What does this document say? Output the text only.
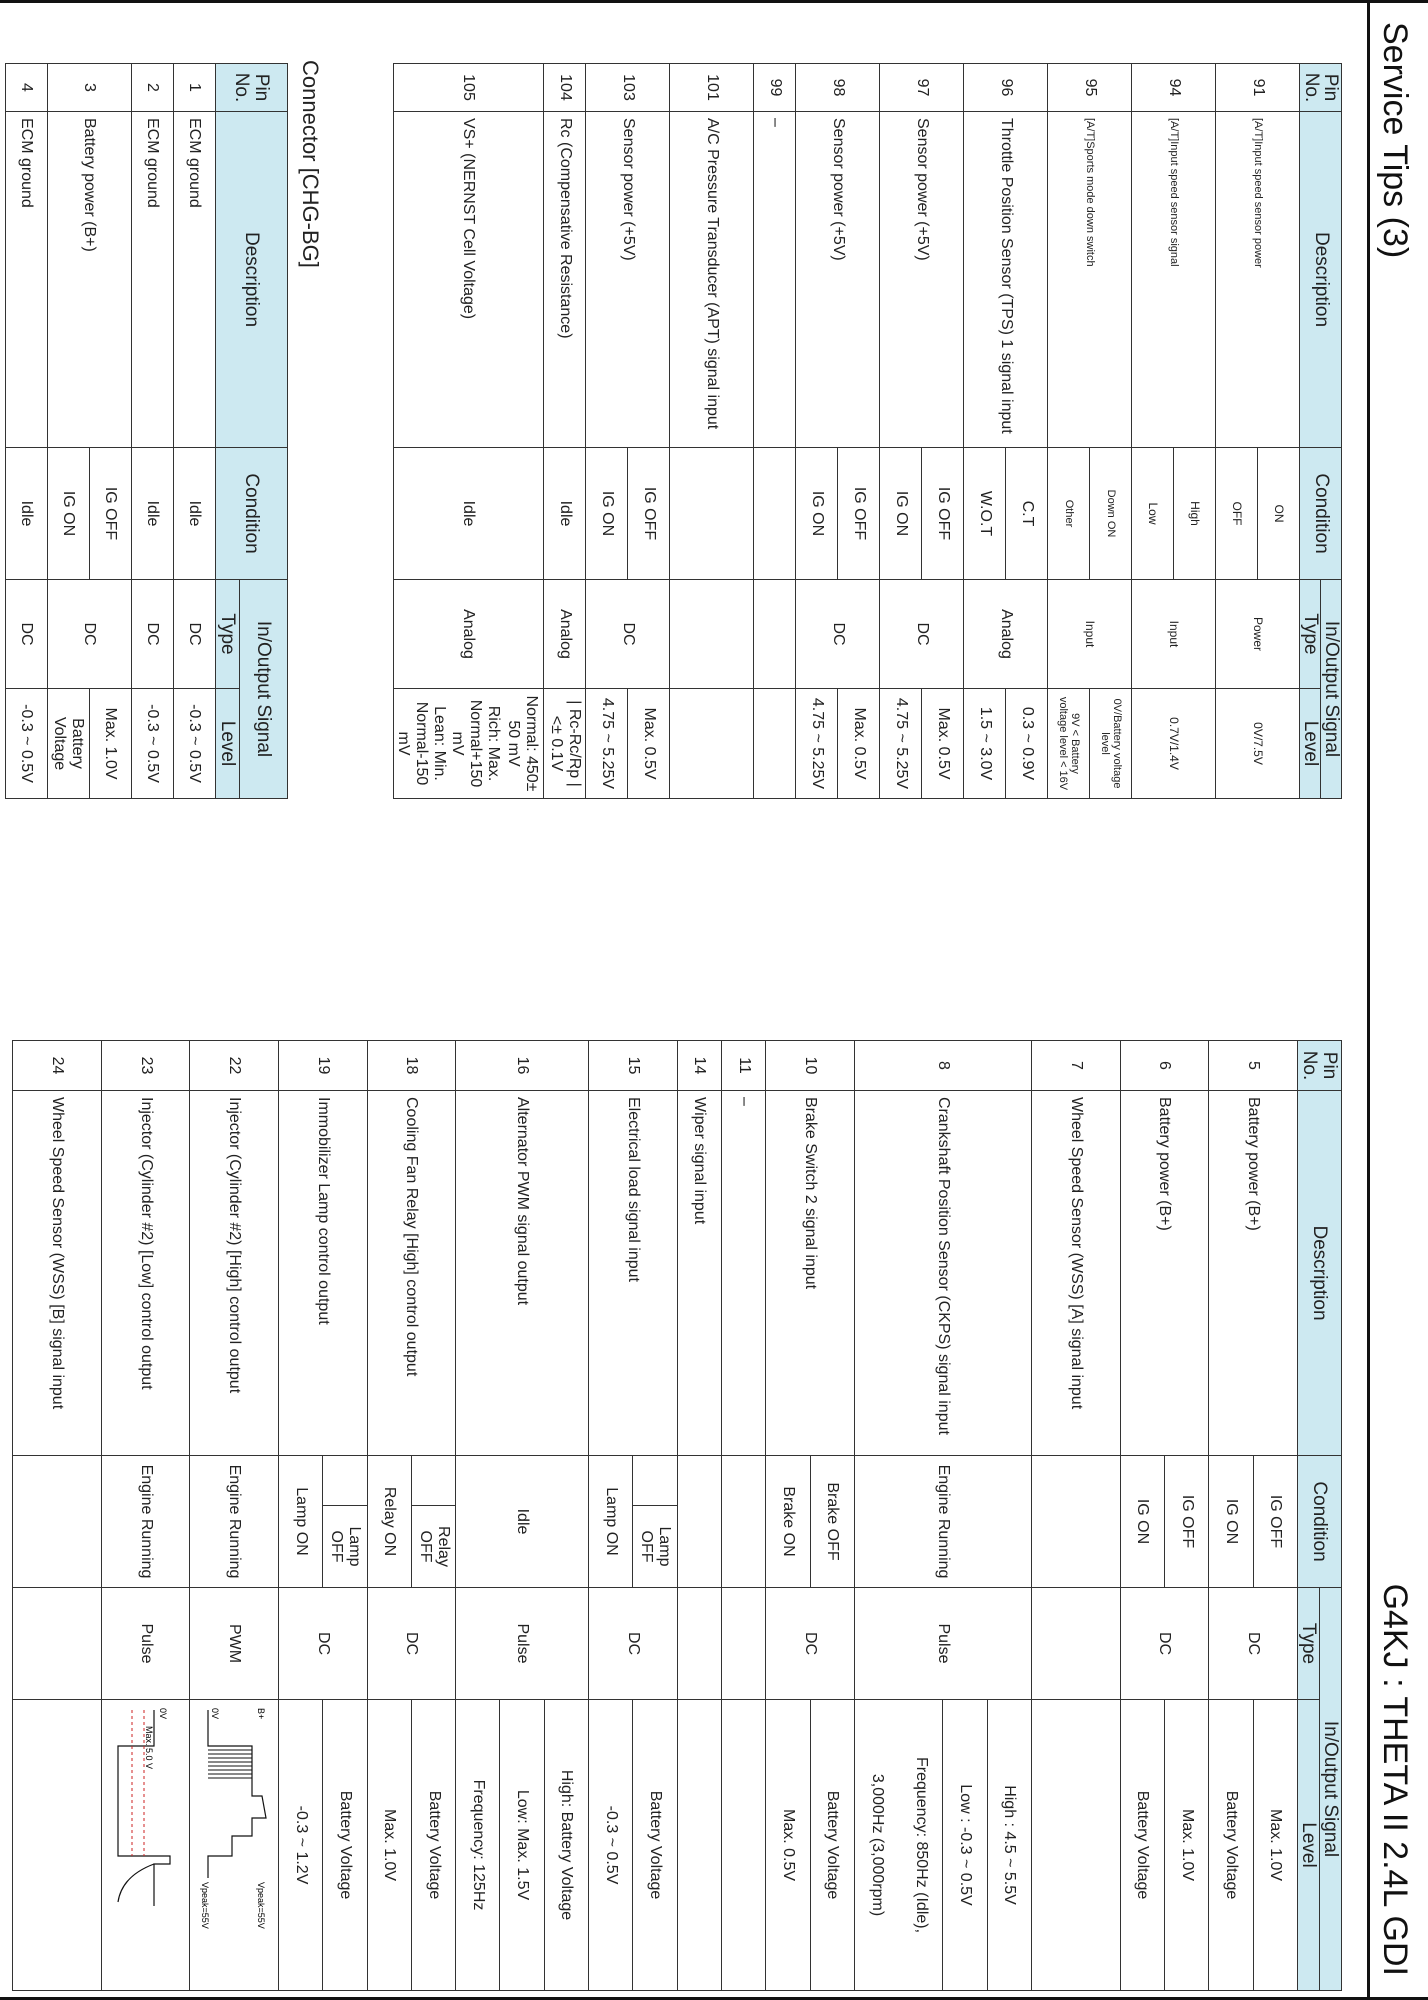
Service Tips (3)
G4KJ : THETA II 2.4L GDI
Pin No.	Description	Condition	In/Output Signal	
			Type	Level
91	[A/T]Input speed sensor power	ON	Power	0V/7.5V
		OFF		
94	[A/T]Input speed sensor signal	High	Input	0.7V/1.4V
		Low		
95	[A/T]Sports mode down switch	Down ON	Input	0V/Battery voltage level
		Other		9V < Battery voltage level < 16V
96	Throttle Position Sensor (TPS) 1 signal input	C.T	Analog	0.3 ~ 0.9V
		W.O.T		1.5 ~ 3.0V
97	Sensor power (+5V)	IG OFF	DC	Max. 0.5V
		IG ON		4.75 ~ 5.25V
98	Sensor power (+5V)	IG OFF	DC	Max. 0.5V
		IG ON		4.75 ~ 5.25V
99	–			
101	A/C Pressure Transducer (APT) signal input			
103	Sensor power (+5V)	IG OFF	DC	Max. 0.5V
		IG ON		4.75 ~ 5.25V
104	Rc (Compensative Resistance)	Idle	Analog	| Rc-Rc/Rp | <± 0.1V
105	VS+ (NERNST Cell Voltage)	Idle	Analog	Normal: 450± 50 mV
				Rich: Max. Normal+150 mV
				Lean: Min. Normal-150 mV
Connector [CHG-BG]
Pin No.	Description	Condition	In/Output Signal	
			Type	Level
1	ECM ground	Idle	DC	-0.3 ~ 0.5V
2	ECM ground	Idle	DC	-0.3 ~ 0.5V
3	Battery power (B+)	IG OFF	DC	Max. 1.0V
		IG ON		Battery Voltage
4	ECM ground	Idle	DC	-0.3 ~ 0.5V
Pin No.	Description	Condition		In/Output Signal	
				Type	Level
5	Battery power (B+)	IG OFF		DC	Max. 1.0V
		IG ON			Battery Voltage
6	Battery power (B+)	IG OFF		DC	Max. 1.0V
		IG ON			Battery Voltage
7	Wheel Speed Sensor (WSS) [A] signal input				
8	Crankshaft Position Sensor (CKPS) signal input	Engine Running		Pulse	High : 4.5 ~ 5.5V
					Low : -0.3 ~ 0.5V
					Frequency: 850Hz (Idle),
					3,000Hz (3,000rpm)
10	Brake Switch 2 signal input	Brake OFF		DC	Battery Voltage
		Brake ON			Max. 0.5V
11	–				
14	Wiper signal input				
15	Electrical load signal input		Lamp OFF	DC	Battery Voltage
		Lamp ON			-0.3 ~ 0.5V
16	Alternator PWM signal output	Idle		Pulse	High: Battery Voltage
					Low: Max. 1.5V
					Frequency: 125Hz
18	Cooling Fan Relay [High] control output		Relay OFF	DC	Battery Voltage
		Relay ON			Max. 1.0V
19	Immobilizer Lamp control output		Lamp OFF	DC	Battery Voltage
		Lamp ON			-0.3 ~ 1.2V
22	Injector (Cylinder #2) [High] control output	Engine Running		PWM	B+
0V
Vpeak=55V Vpeak=55V

23	Injector (Cylinder #2) [Low] control output	Engine Running		Pulse	0V
Max. 5.0 V

24	Wheel Speed Sensor (WSS) [B] signal input				
